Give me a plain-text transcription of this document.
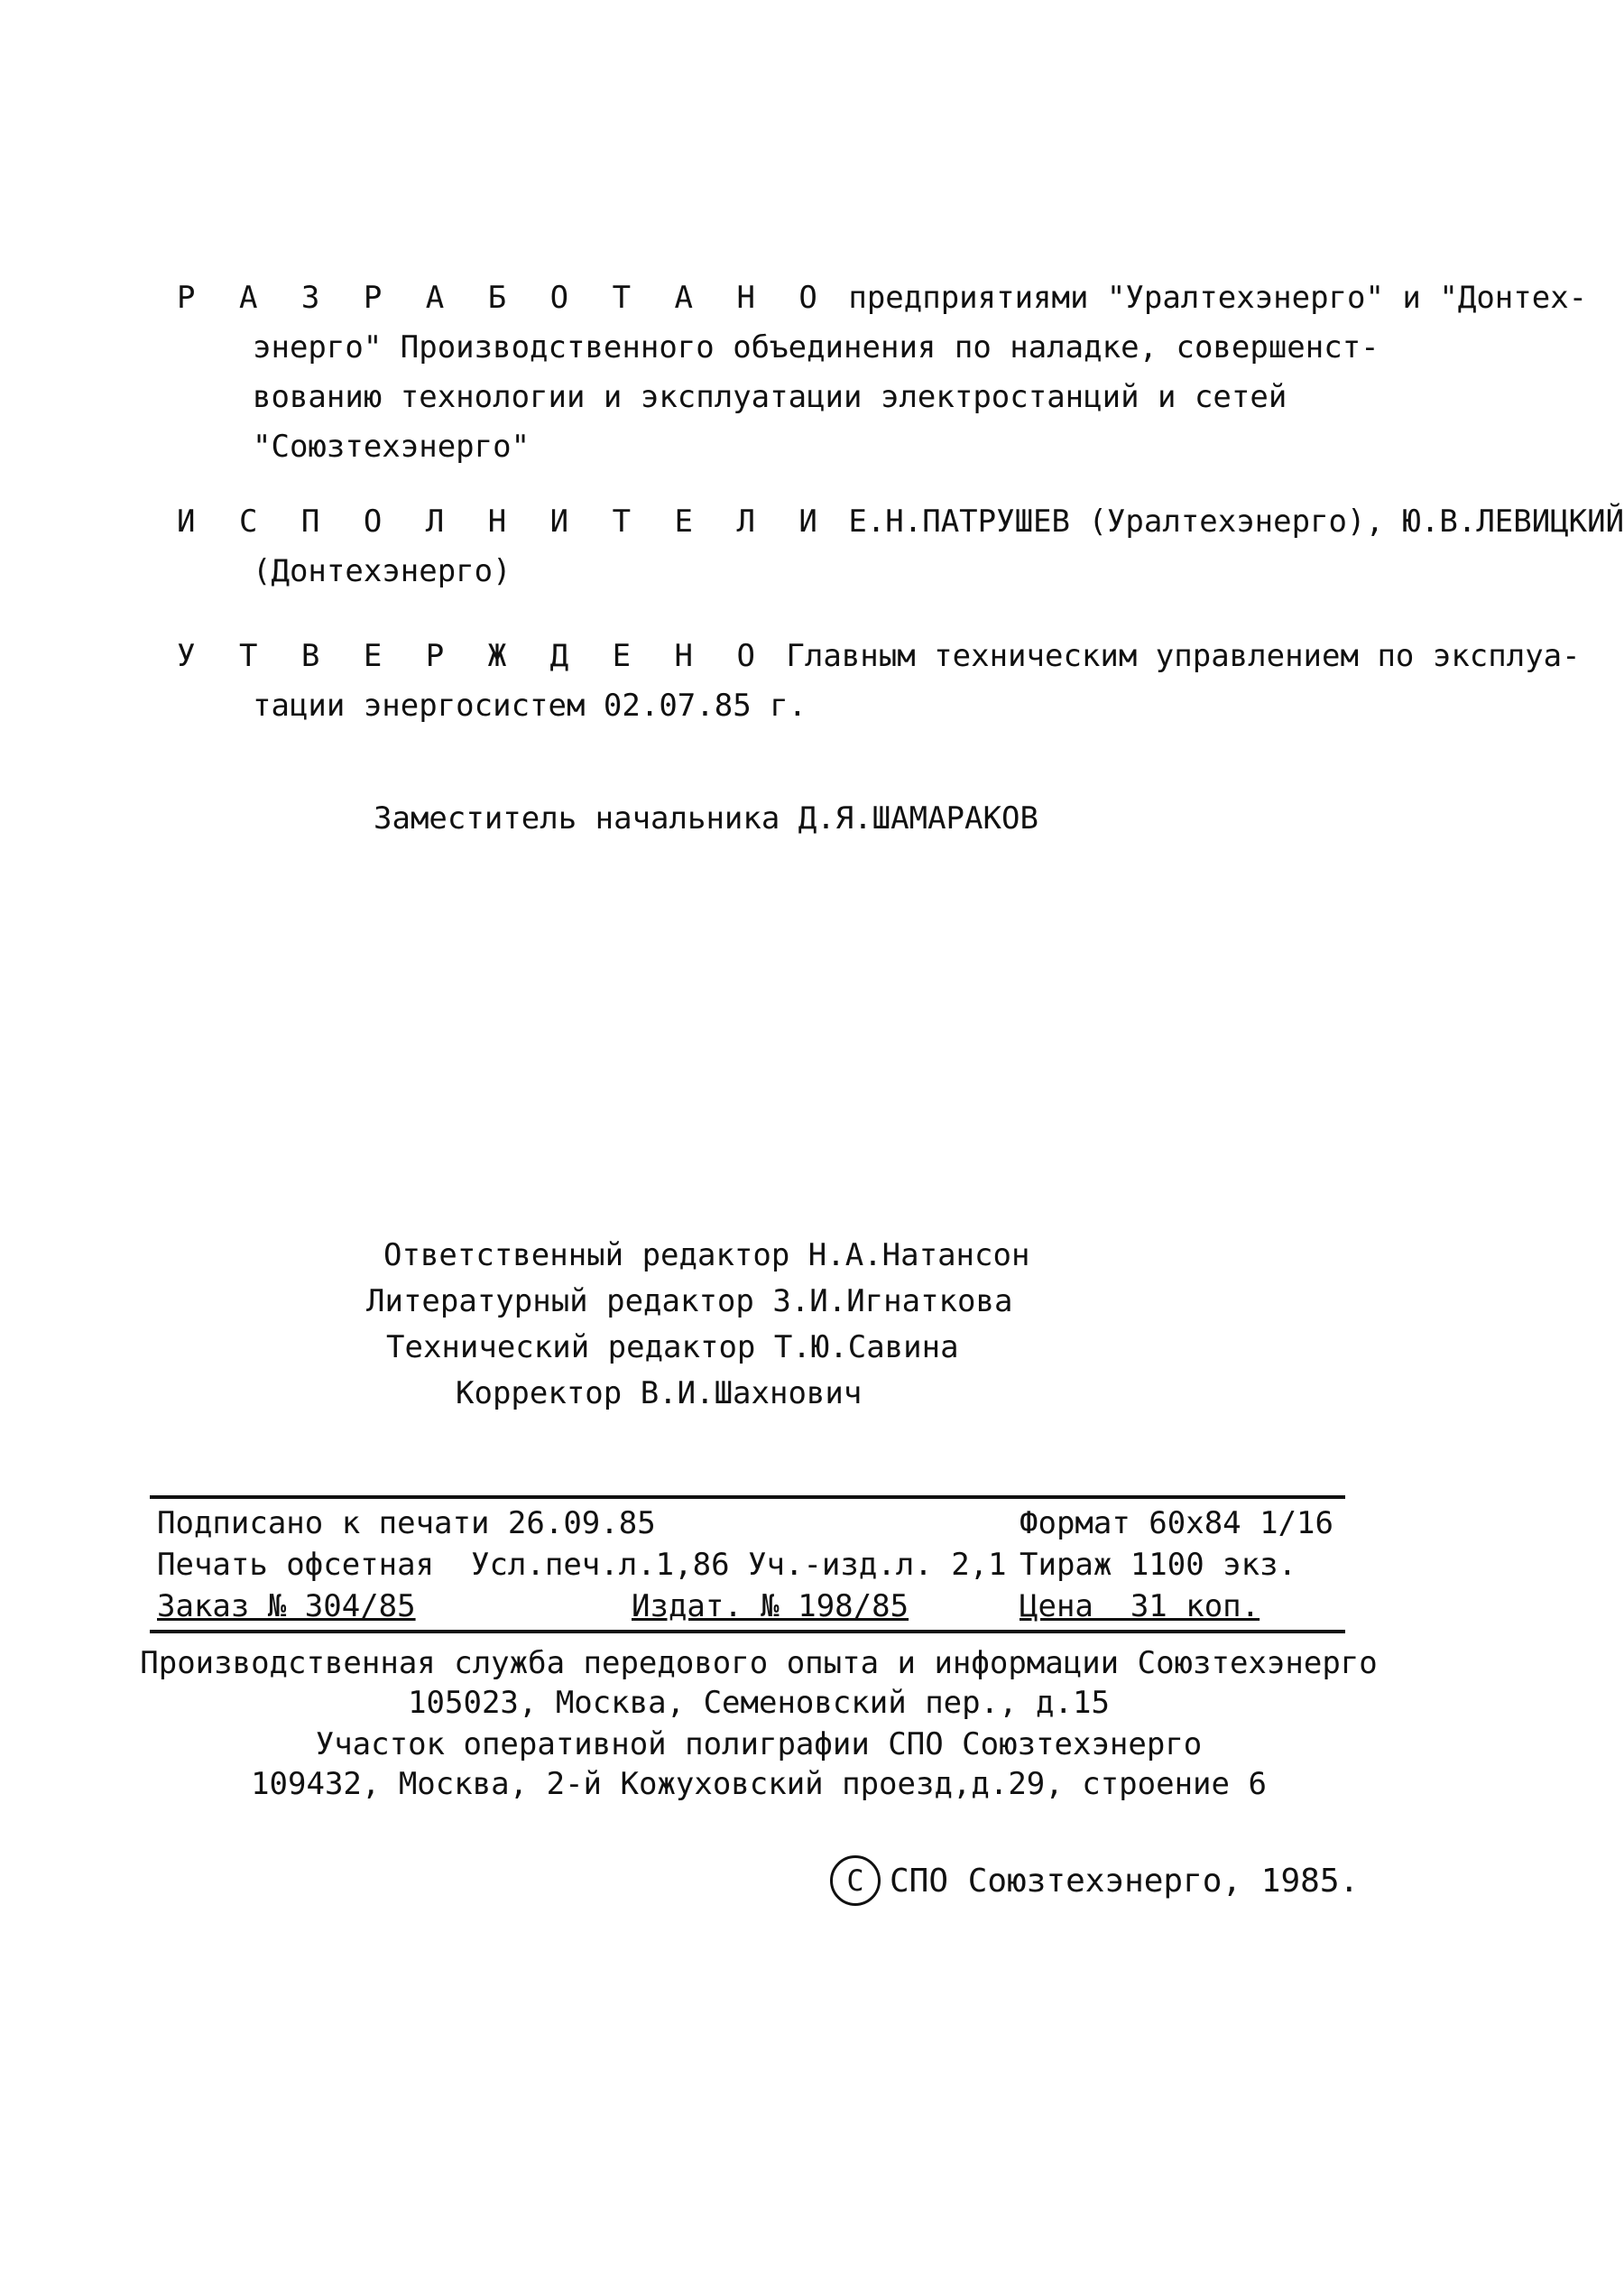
Р А З Р А Б О Т А Н О предприятиями "Уралтехэнерго" и "Донтех-
энерго" Производственного объединения по наладке, совершенст-
вованию технологии и эксплуатации электростанций и сетей
"Союзтехэнерго"

И С П О Л Н И Т Е Л И Е.Н.ПАТРУШЕВ (Уралтехэнерго), Ю.В.ЛЕВИЦКИЙ
(Донтехэнерго)

У Т В Е Р Ж Д Е Н О Главным техническим управлением по эксплуа-
тации энергосистем 02.07.85 г.

Заместитель начальника Д.Я.ШАМАРАКОВ
Ответственный редактор Н.А.Натансон
Литературный редактор З.И.Игнаткова
Технический редактор Т.Ю.Савина
Корректор В.И.Шахнович
Подписано к печати 26.09.85	Формат 60х84 1/16
Печать офсетная  Усл.печ.л.1,86 Уч.-изд.л. 2,1 Тираж 1100 экз.
Заказ № 304/85	Издат. № 198/85	Цена  31 коп.
Производственная служба передового опыта и информации Союзтехэнерго
105023, Москва, Семеновский пер., д.15
Участок оперативной полиграфии СПО Союзтехэнерго
109432, Москва, 2-й Кожуховский проезд,д.29, строение 6
С СПО Союзтехэнерго, 1985.
